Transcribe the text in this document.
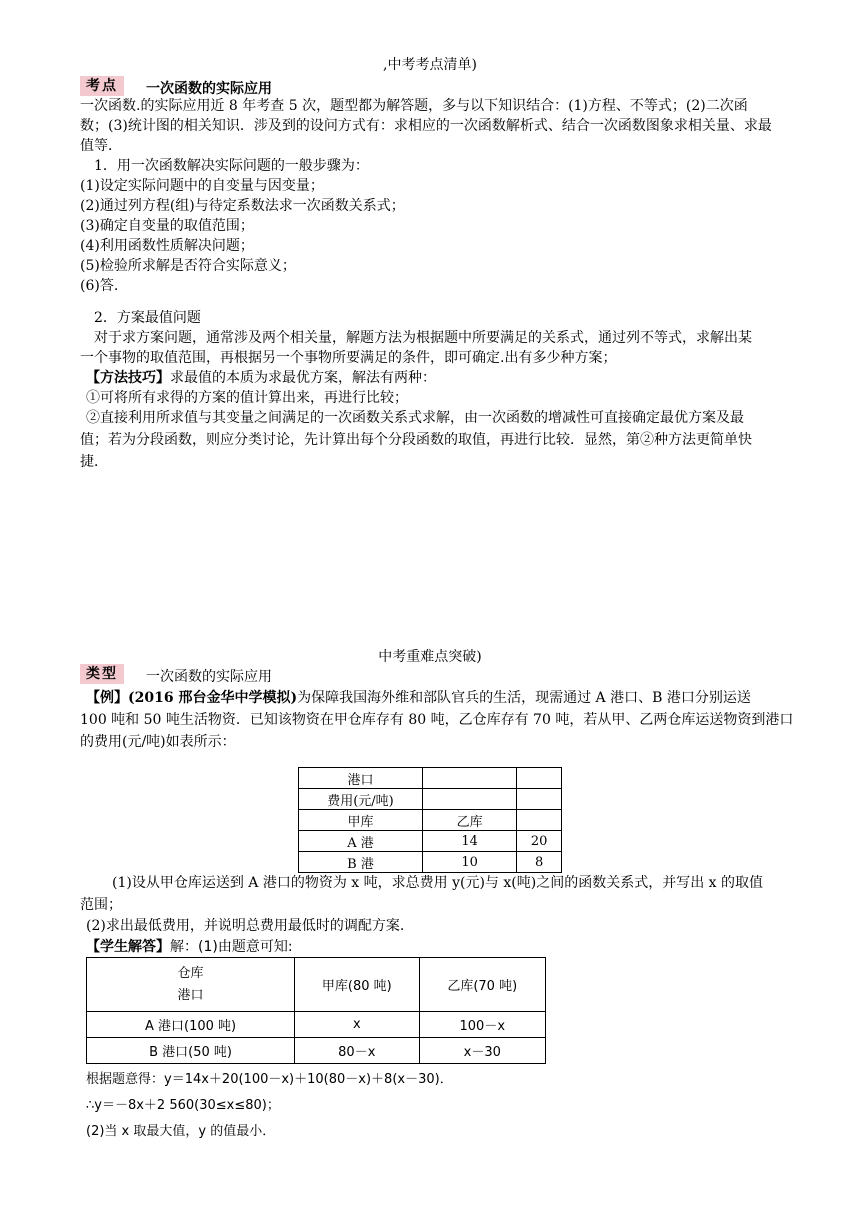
,中考考点清单)
考点	一次函数的实际应用
一次函数.的实际应用近 8 年考查 5 次，题型都为解答题，多与以下知识结合：(1)方程、不等式；(2)二次函
数；(3)统计图的相关知识．涉及到的设问方式有：求相应的一次函数解析式、结合一次函数图象求相关量、求最
值等．
1．用一次函数解决实际问题的一般步骤为：
(1)设定实际问题中的自变量与因变量；
(2)通过列方程(组)与待定系数法求一次函数关系式；
(3)确定自变量的取值范围；
(4)利用函数性质解决问题；
(5)检验所求解是否符合实际意义；
(6)答.
2．方案最值问题
对于求方案问题，通常涉及两个相关量，解题方法为根据题中所要满足的关系式，通过列不等式，求解出某
一个事物的取值范围，再根据另一个事物所要满足的条件，即可确定.出有多少种方案；
【方法技巧】求最值的本质为求最优方案，解法有两种：
①可将所有求得的方案的值计算出来，再进行比较；
②直接利用所求值与其变量之间满足的一次函数关系式求解，由一次函数的增减性可直接确定最优方案及最
值；若为分段函数，则应分类讨论，先计算出每个分段函数的取值，再进行比较．显然，第②种方法更简单快
捷．
中考重难点突破)
类型	一次函数的实际应用
【例】(2016 邢台金华中学模拟)为保障我国海外维和部队官兵的生活，现需通过 A 港口、B 港口分别运送
100 吨和 50 吨生活物资．已知该物资在甲仓库存有 80 吨，乙仓库存有 70 吨，若从甲、乙两仓库运送物资到港口
的费用(元/吨)如表所示：
港口		
费用(元/吨)		
甲库	乙库	
A 港	14	20
B 港	10	8
(1)设从甲仓库运送到 A 港口的物资为 x 吨，求总费用 y(元)与 x(吨)之间的函数关系式，并写出 x 的取值
范围；
(2)求出最低费用，并说明总费用最低时的调配方案.
【学生解答】解：(1)由题意可知:
仓库
港口	甲库(80 吨)	乙库(70 吨)
A 港口(100 吨)	x	100－x
B 港口(50 吨)	80－x	x－30
根据题意得：y＝14x＋20(100－x)＋10(80－x)＋8(x－30)．
∴y＝－8x＋2 560(30≤x≤80)；
(2)当 x 取最大值，y 的值最小．
